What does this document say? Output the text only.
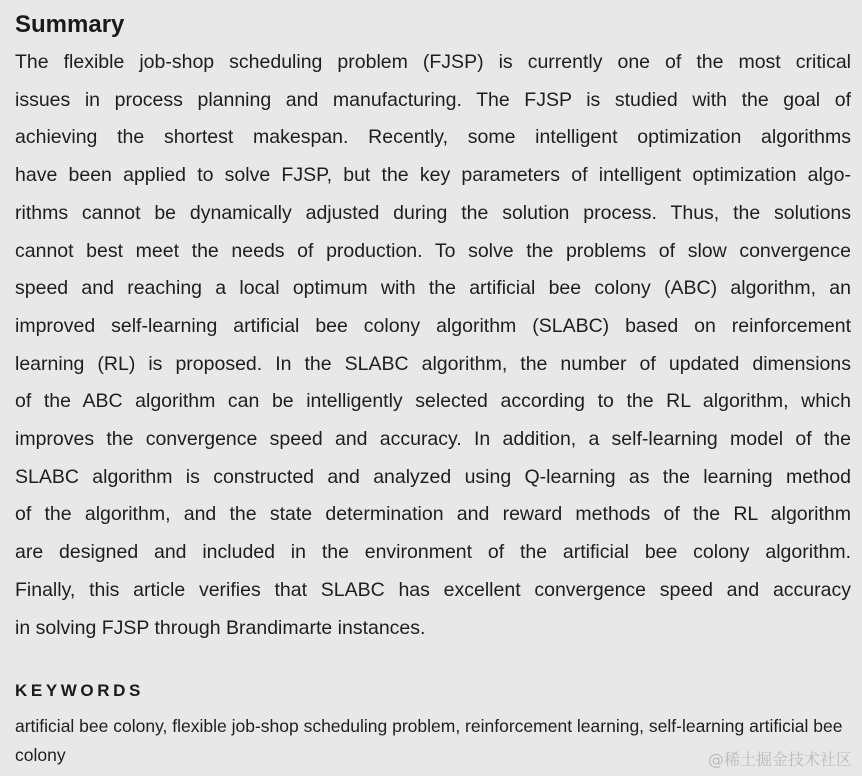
Summary

The flexible job-shop scheduling problem (FJSP) is currently one of the most critical
issues in process planning and manufacturing. The FJSP is studied with the goal of
achieving the shortest makespan. Recently, some intelligent optimization algorithms
have been applied to solve FJSP, but the key parameters of intelligent optimization algo-
rithms cannot be dynamically adjusted during the solution process. Thus, the solutions
cannot best meet the needs of production. To solve the problems of slow convergence
speed and reaching a local optimum with the artificial bee colony (ABC) algorithm, an
improved self-learning artificial bee colony algorithm (SLABC) based on reinforcement
learning (RL) is proposed. In the SLABC algorithm, the number of updated dimensions
of the ABC algorithm can be intelligently selected according to the RL algorithm, which
improves the convergence speed and accuracy. In addition, a self-learning model of the
SLABC algorithm is constructed and analyzed using Q-learning as the learning method
of the algorithm, and the state determination and reward methods of the RL algorithm
are designed and included in the environment of the artificial bee colony algorithm.
Finally, this article verifies that SLABC has excellent convergence speed and accuracy
in solving FJSP through Brandimarte instances.

KEYWORDS
artificial bee colony, flexible job-shop scheduling problem, reinforcement learning, self-learning artificial bee colony	@稀土掘金技术社区
